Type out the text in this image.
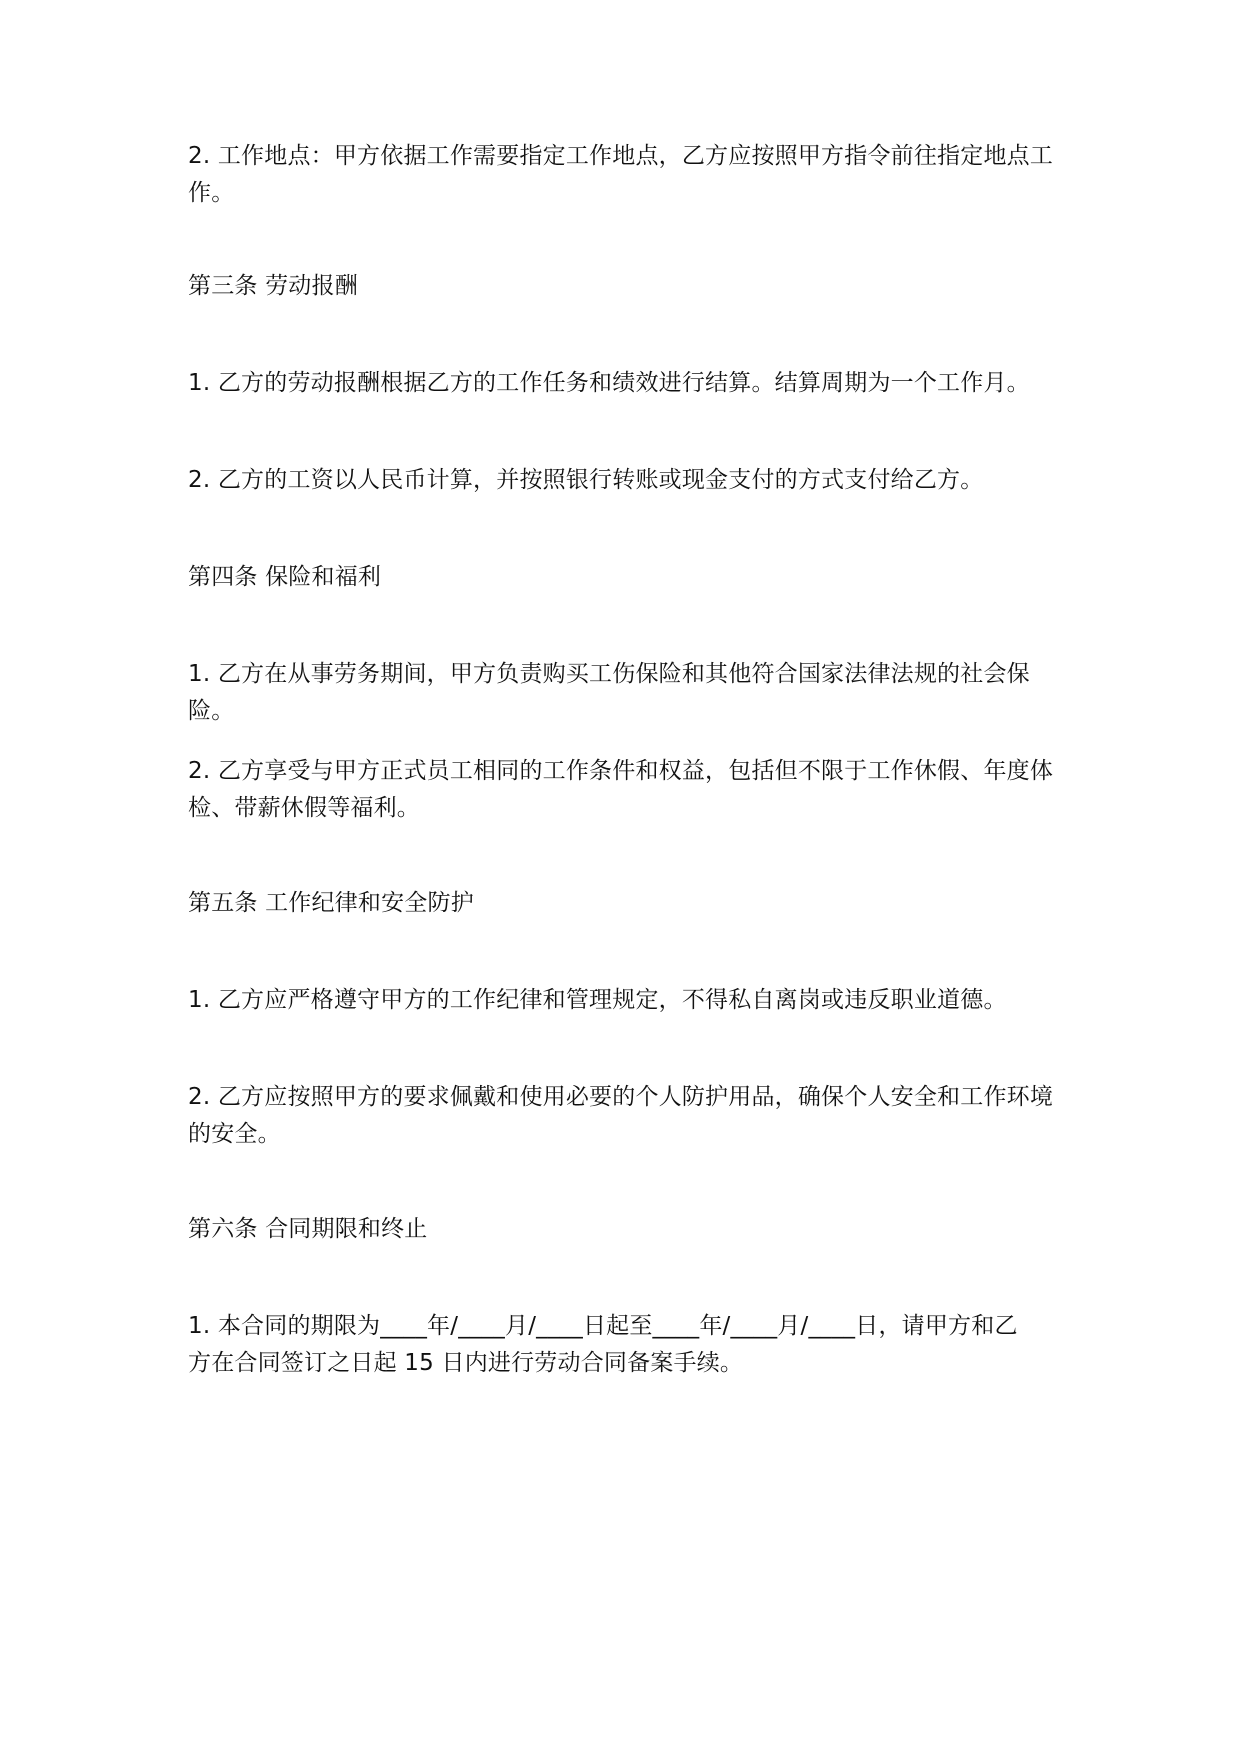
2. 工作地点：甲方依据工作需要指定工作地点，乙方应按照甲方指令前往指定地点工
作。

第三条 劳动报酬

1. 乙方的劳动报酬根据乙方的工作任务和绩效进行结算。结算周期为一个工作月。

2. 乙方的工资以人民币计算，并按照银行转账或现金支付的方式支付给乙方。

第四条 保险和福利

1. 乙方在从事劳务期间，甲方负责购买工伤保险和其他符合国家法律法规的社会保险。

2. 乙方享受与甲方正式员工相同的工作条件和权益，包括但不限于工作休假、年度体
检、带薪休假等福利。

第五条 工作纪律和安全防护

1. 乙方应严格遵守甲方的工作纪律和管理规定，不得私自离岗或违反职业道德。

2. 乙方应按照甲方的要求佩戴和使用必要的个人防护用品，确保个人安全和工作环境
的安全。

第六条 合同期限和终止

1. 本合同的期限为____年/____月/____日起至____年/____月/____日，请甲方和乙
方在合同签订之日起 15 日内进行劳动合同备案手续。
